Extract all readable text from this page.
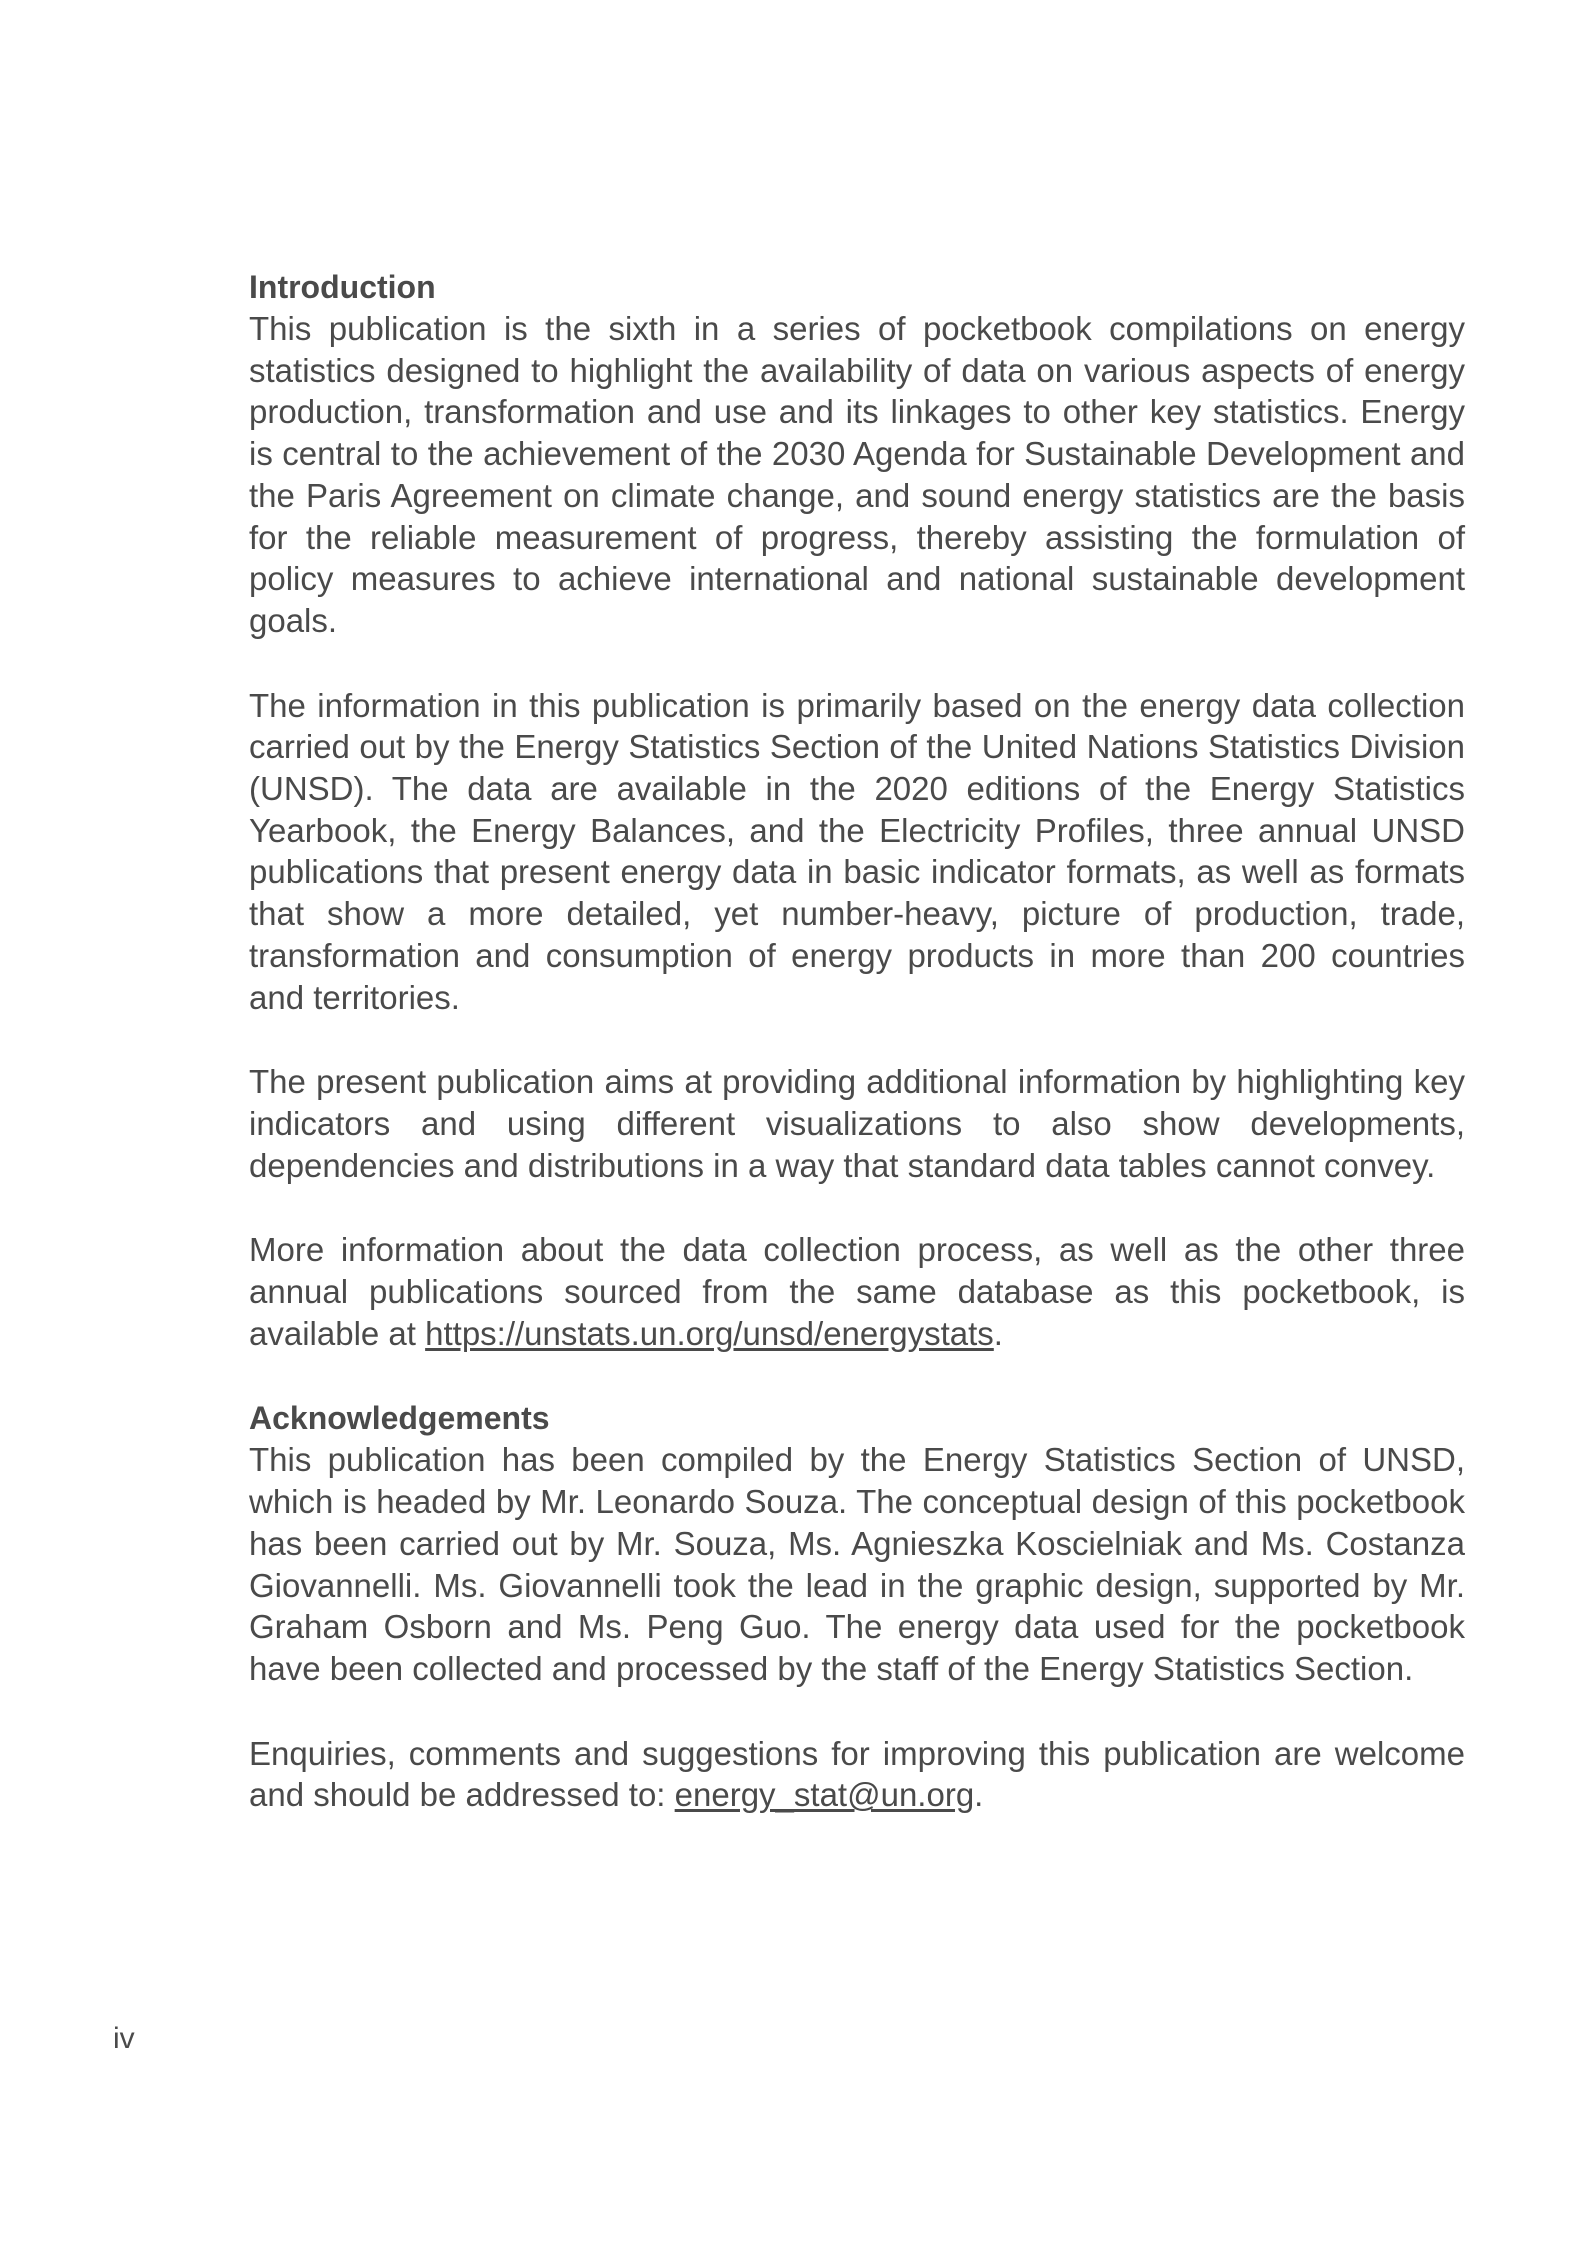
Introduction

This publication is the sixth in a series of pocketbook compilations on energy statistics designed to highlight the availability of data on various aspects of energy production, transformation and use and its linkages to other key statistics. Energy is central to the achievement of the 2030 Agenda for Sustainable Development and the Paris Agreement on climate change, and sound energy statistics are the basis for the reliable measurement of progress, thereby assisting the formulation of policy measures to achieve international and national sustainable development goals.

The information in this publication is primarily based on the energy data collection carried out by the Energy Statistics Section of the United Nations Statistics Division (UNSD). The data are available in the 2020 editions of the Energy Statistics Yearbook, the Energy Balances, and the Electricity Profiles, three annual UNSD publications that present energy data in basic indicator formats, as well as formats that show a more detailed, yet number-heavy, picture of production, trade, transformation and consumption of energy products in more than 200 countries and territories.

The present publication aims at providing additional information by highlighting key indicators and using different visualizations to also show developments, dependencies and distributions in a way that standard data tables cannot convey.

More information about the data collection process, as well as the other three annual publications sourced from the same database as this pocketbook, is available at https://unstats.un.org/unsd/energystats.

Acknowledgements

This publication has been compiled by the Energy Statistics Section of UNSD, which is headed by Mr. Leonardo Souza. The conceptual design of this pocketbook has been carried out by Mr. Souza, Ms. Agnieszka Koscielniak and Ms. Costanza Giovannelli. Ms. Giovannelli took the lead in the graphic design, supported by Mr. Graham Osborn and Ms. Peng Guo. The energy data used for the pocketbook have been collected and processed by the staff of the Energy Statistics Section.

Enquiries, comments and suggestions for improving this publication are welcome and should be addressed to: energy_stat@un.org.

iv
